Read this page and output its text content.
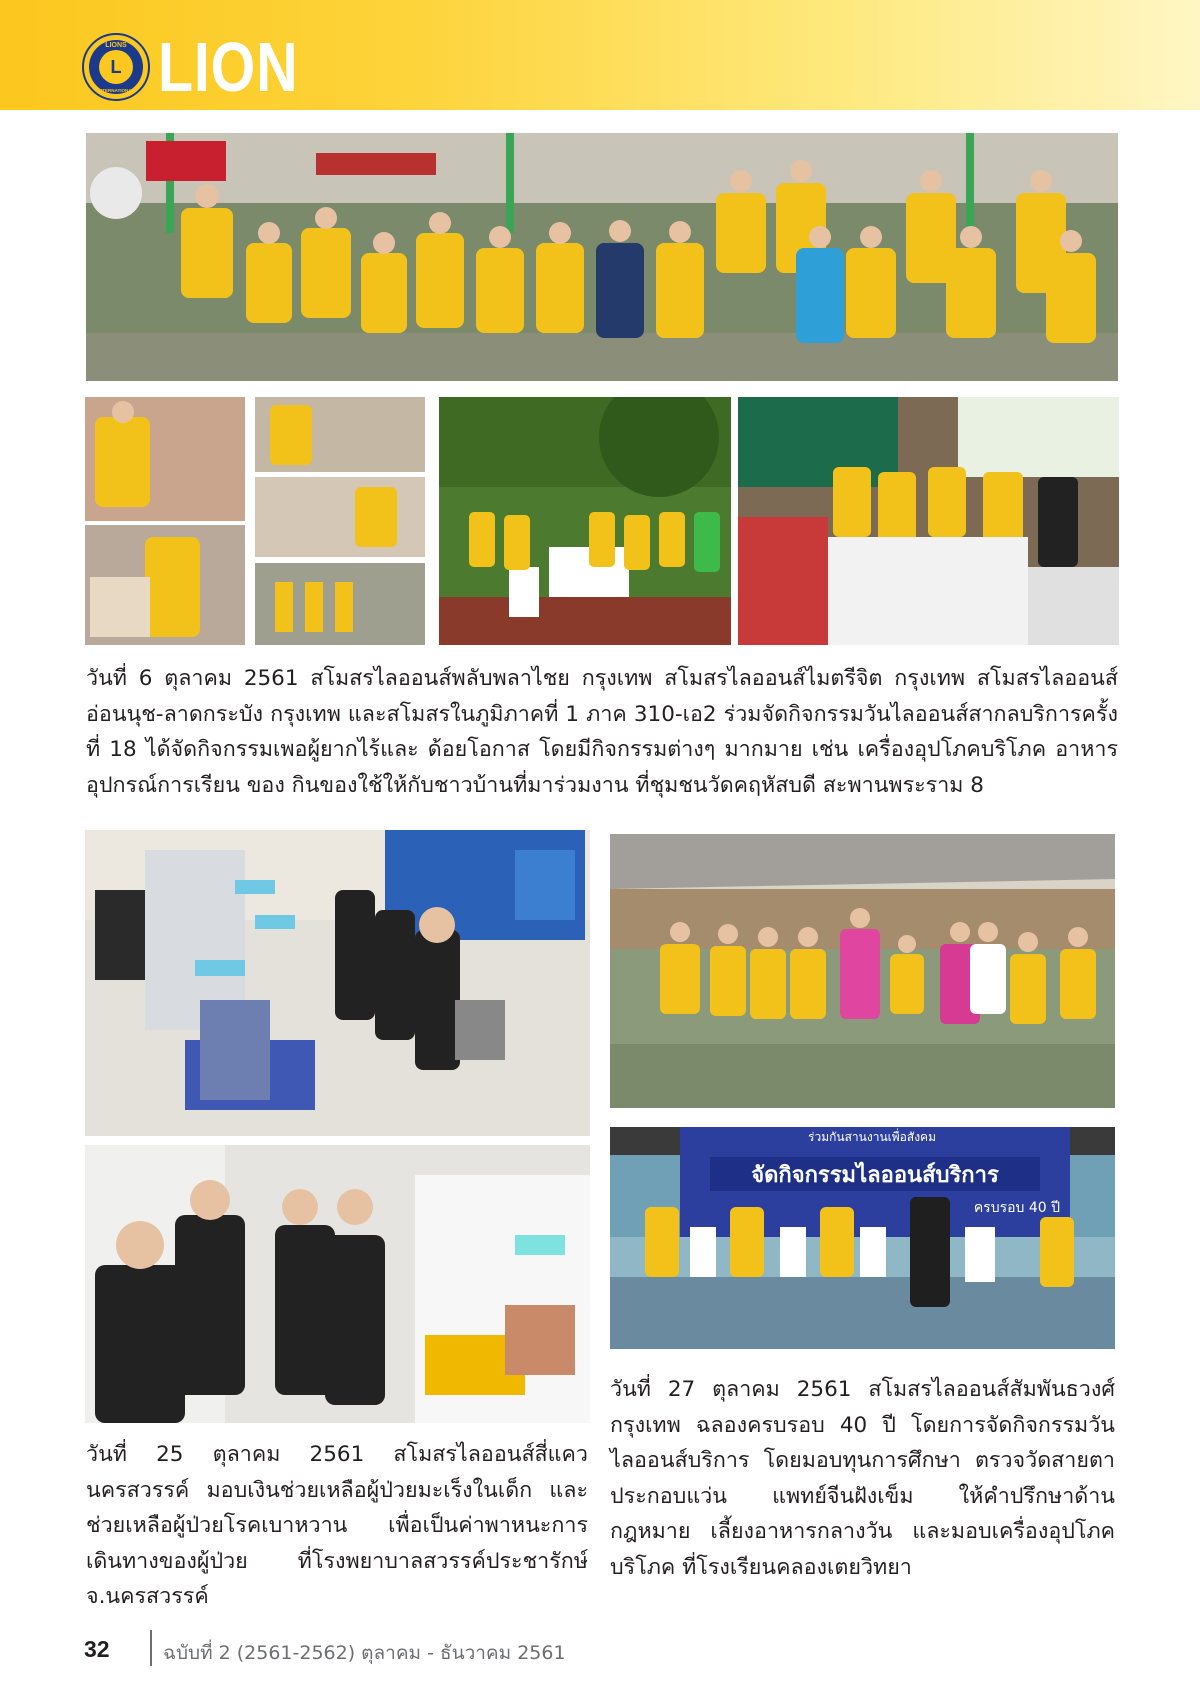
LIONS
INTERNATIONAL
L LION
วันที่ 6 ตุลาคม 2561 สโมสรไลออนส์พลับพลาไชย กรุงเทพ สโมสรไลออนส์ไมตรีจิต กรุงเทพ สโมสรไลออนส์อ่อนนุช-ลาดกระบัง กรุงเทพ และสโมสรในภูมิภาคที่ 1 ภาค 310-เอ2 ร่วมจัดกิจกรรมวันไลออนส์สากลบริการครั้งที่ 18 ได้จัดกิจกรรมเพอผู้ยากไร้และ ด้อยโอกาส โดยมีกิจกรรมต่างๆ มากมาย เช่น เครื่องอุปโภคบริโภค อาหาร อุปกรณ์การเรียน ของ กินของใช้ให้กับชาวบ้านที่มาร่วมงาน ที่ชุมชนวัดคฤหัสบดี สะพานพระราม 8
ร่วมกันสานงานเพื่อสังคม
จัดกิจกรรมไลออนส์บริการ
ครบรอบ 40 ปี
วันที่ 25 ตุลาคม 2561 สโมสรไลออนส์สี่แคว นครสวรรค์ มอบเงินช่วยเหลือผู้ป่วยมะเร็งในเด็ก และช่วยเหลือผู้ป่วยโรคเบาหวาน เพื่อเป็นค่าพาหนะการเดินทางของผู้ป่วย ที่โรงพยาบาลสวรรค์ประชารักษ์ จ.นครสวรรค์
วันที่ 27 ตุลาคม 2561 สโมสรไลออนส์สัมพันธวงศ์ กรุงเทพ ฉลองครบรอบ 40 ปี โดยการจัดกิจกรรมวันไลออนส์บริการ โดยมอบทุนการศึกษา ตรวจวัดสายตา ประกอบแว่น แพทย์จีนฝังเข็ม ให้คำปรึกษาด้าน กฎหมาย เลี้ยงอาหารกลางวัน และมอบเครื่องอุปโภค บริโภค ที่โรงเรียนคลองเตยวิทยา
32	ฉบับที่ 2 (2561-2562) ตุลาคม - ธันวาคม 2561
